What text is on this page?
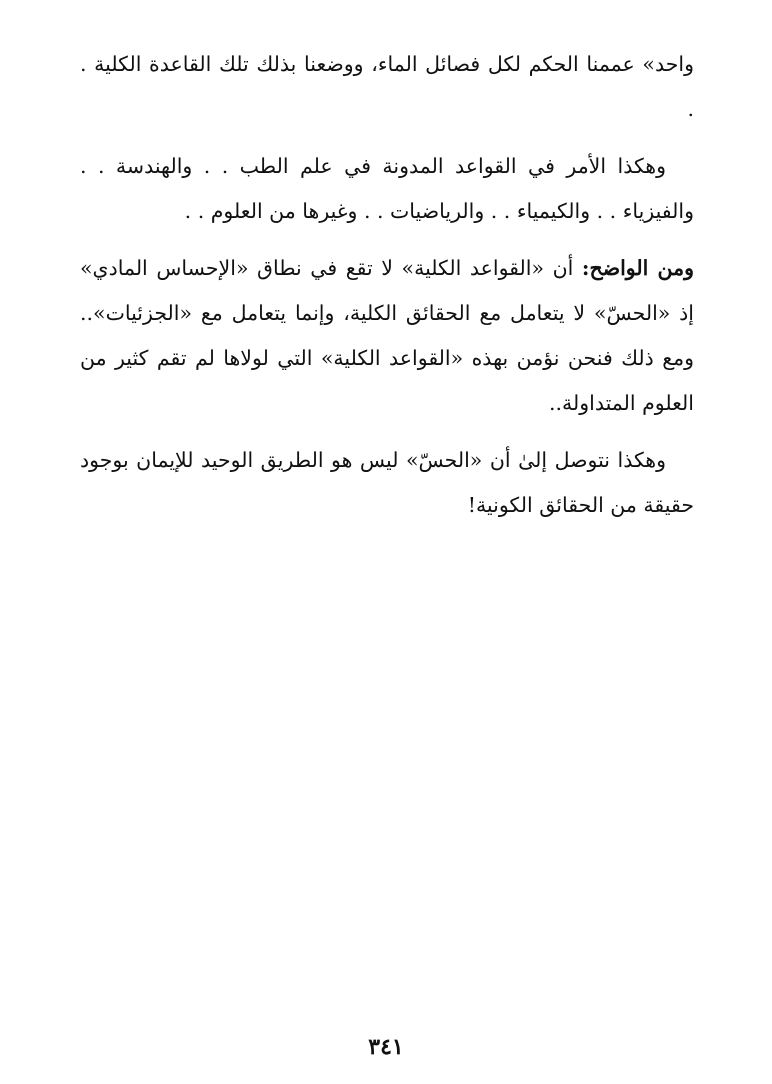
واحد» عممنا الحكم لكل فصائل الماء، ووضعنا بذلك تلك القاعدة الكلية . .

وهكذا الأمر في القواعد المدونة في علم الطب . . والهندسة . . والفيزياء . . والكيمياء . . والرياضيات . . وغيرها من العلوم . .

ومن الواضح: أن «القواعد الكلية» لا تقع في نطاق «الإحساس المادي» إذ «الحسّ» لا يتعامل مع الحقائق الكلية، وإنما يتعامل مع «الجزئيات».. ومع ذلك فنحن نؤمن بهذه «القواعد الكلية» التي لولاها لم تقم كثير من العلوم المتداولة..

وهكذا نتوصل إلىٰ أن «الحسّ» ليس هو الطريق الوحيد للإيمان بوجود حقيقة من الحقائق الكونية!

٣٤١
